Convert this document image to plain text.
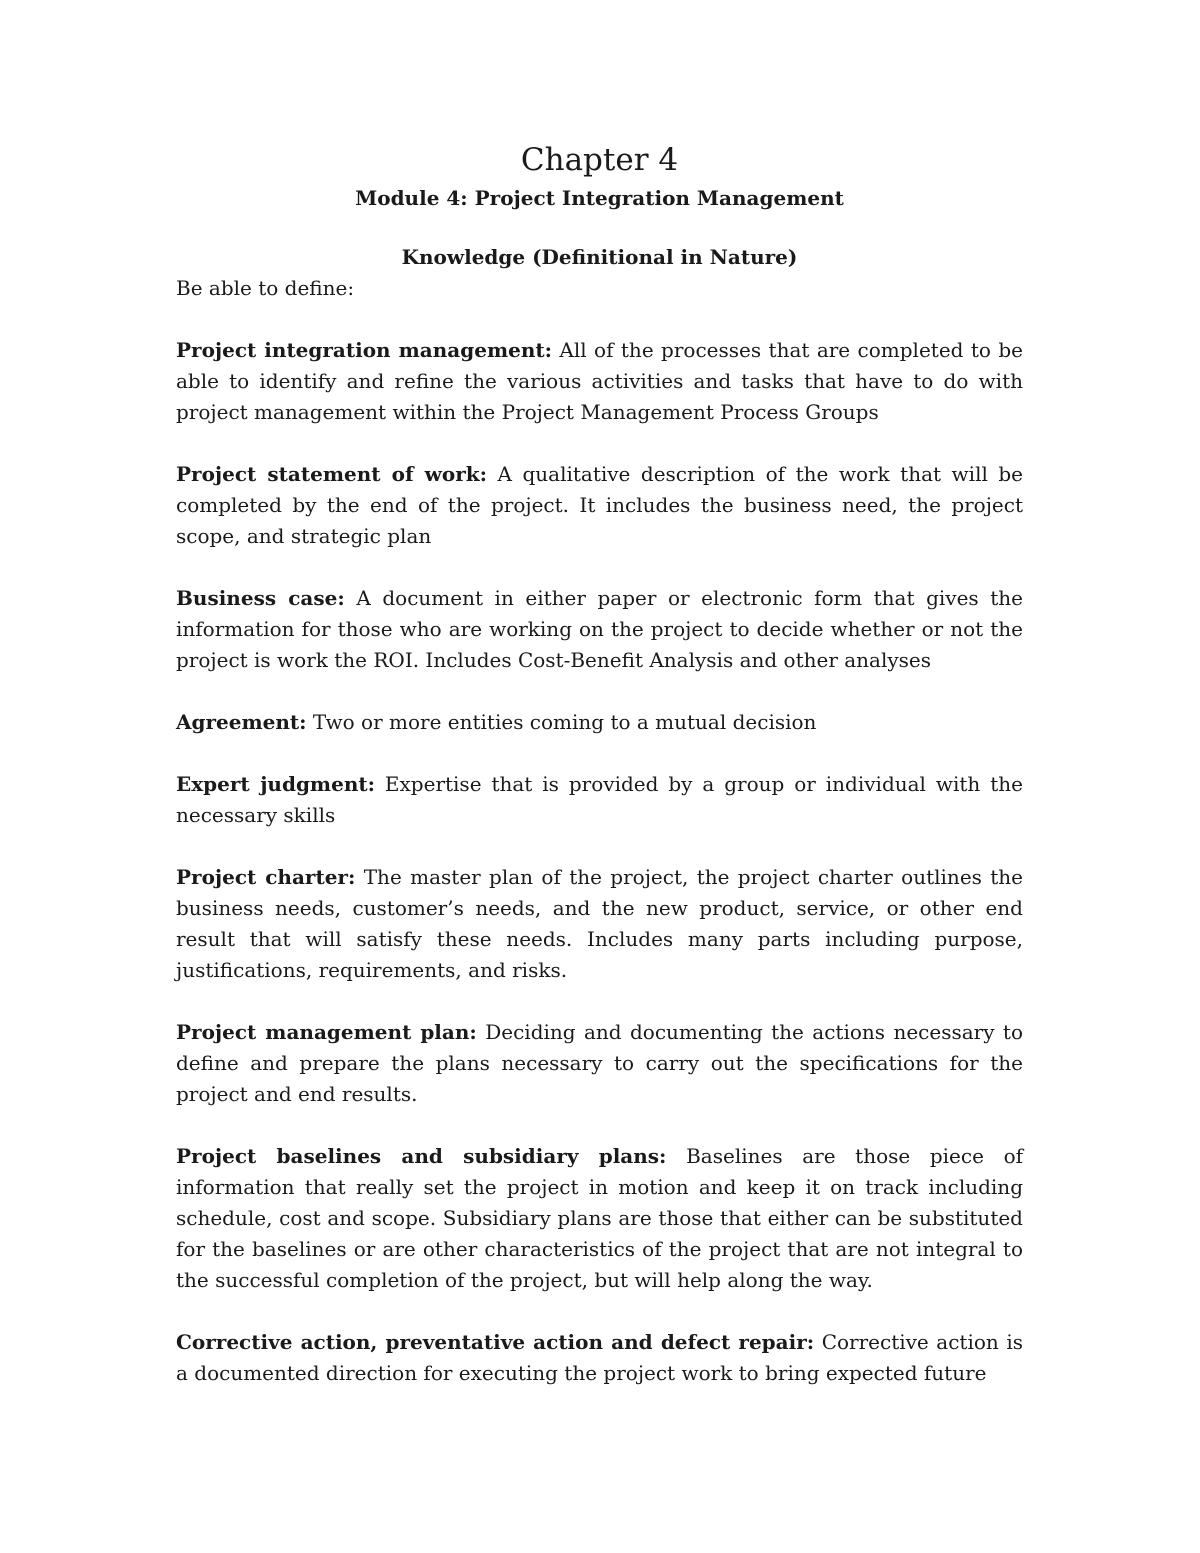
Chapter 4
Module 4: Project Integration Management
Knowledge (Definitional in Nature)

Be able to define:

Project integration management: All of the processes that are completed to be able to identify and refine the various activities and tasks that have to do with project management within the Project Management Process Groups

Project statement of work: A qualitative description of the work that will be completed by the end of the project. It includes the business need, the project scope, and strategic plan

Business case: A document in either paper or electronic form that gives the information for those who are working on the project to decide whether or not the project is work the ROI. Includes Cost-Benefit Analysis and other analyses

Agreement: Two or more entities coming to a mutual decision

Expert judgment: Expertise that is provided by a group or individual with the necessary skills

Project charter: The master plan of the project, the project charter outlines the business needs, customer’s needs, and the new product, service, or other end result that will satisfy these needs. Includes many parts including purpose, justifications, requirements, and risks.

Project management plan: Deciding and documenting the actions necessary to define and prepare the plans necessary to carry out the specifications for the project and end results.

Project baselines and subsidiary plans: Baselines are those piece of information that really set the project in motion and keep it on track including schedule, cost and scope. Subsidiary plans are those that either can be substituted for the baselines or are other characteristics of the project that are not integral to the successful completion of the project, but will help along the way.

Corrective action, preventative action and defect repair: Corrective action is a documented direction for executing the project work to bring expected future
